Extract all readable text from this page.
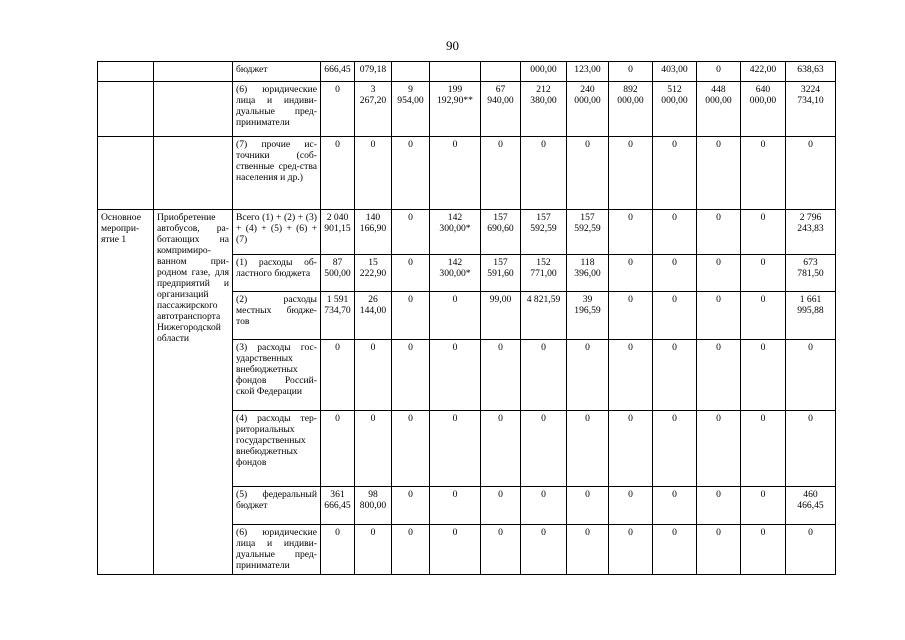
90
		бюджет	666,45	079,18				000,00	123,00	0	403,00	0	422,00	638,63
		(6) юридические лица и индиви-дуальные пред-приниматели	0	3 267,20	9 954,00	199 192,90**	67 940,00	212 380,00	240 000,00	892 000,00	512 000,00	448 000,00	640 000,00	3224 734,10
		(7) прочие ис-точники (соб-ственные сред-ства населения и др.)	0	0	0	0	0	0	0	0	0	0	0	0
Основное меропри-ятие 1	Приобретение автобусов, ра-ботающих на компримиро-ванном при-родном газе, для предприятий и организаций пассажирского автотранспорта Нижегородской области	Всего (1) + (2) + (3) + (4) + (5) + (6) + (7)	2 040 901,15	140 166,90	0	142 300,00*	157 690,60	157 592,59	157 592,59	0	0	0	0	2 796 243,83
		(1) расходы об-ластного бюджета	87 500,00	15 222,90	0	142 300,00*	157 591,60	152 771,00	118 396,00	0	0	0	0	673 781,50
		(2) расходы местных бюдже-тов	1 591 734,70	26 144,00	0	0	99,00	4 821,59	39 196,59	0	0	0	0	1 661 995,88
		(3) расходы гос-ударственных внебюджетных фондов Россий-ской Федерации	0	0	0	0	0	0	0	0	0	0	0	0
		(4) расходы тер-риториальных государственных внебюджетных фондов	0	0	0	0	0	0	0	0	0	0	0	0
		(5) федеральный бюджет	361 666,45	98 800,00	0	0	0	0	0	0	0	0	0	460 466,45
		(6) юридические лица и индиви-дуальные пред-приниматели	0	0	0	0	0	0	0	0	0	0	0	0
